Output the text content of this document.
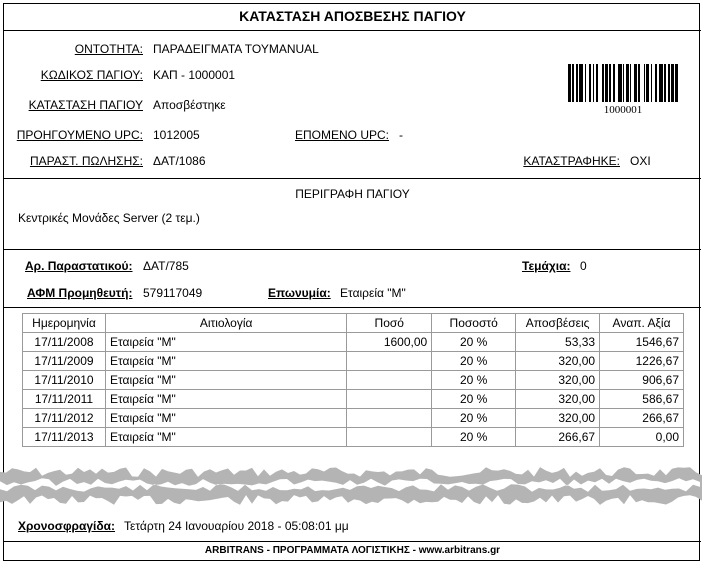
ΚΑΤΑΣΤΑΣΗ ΑΠΟΣΒΕΣΗΣ ΠΑΓΙΟΥ
ΟΝΤΟΤΗΤΑ: ΠΑΡΑΔΕΙΓΜΑΤΑ ΤΟΥMANUAL
ΚΩΔΙΚΟΣ ΠΑΓΙΟΥ: ΚΑΠ - 1000001
ΚΑΤΑΣΤΑΣΗ ΠΑΓΙΟΥ Αποσβέστηκε
ΠΡΟΗΓΟΥΜΕΝΟ UPC: 1012005	ΕΠΟΜΕΝΟ UPC: -
ΠΑΡΑΣΤ. ΠΩΛΗΣΗΣ: ΔΑΤ/1086	ΚΑΤΑΣΤΡΑΦΗΚΕ: ΟΧΙ
1000001
ΠΕΡΙΓΡΑΦΗ ΠΑΓΙΟΥ
Κεντρικές Μονάδες Server (2 τεμ.)
Αρ. Παραστατικού: ΔΑΤ/785	Τεμάχια: 0
ΑΦΜ Προμηθευτή: 579117049	Επωνυμία: Εταιρεία "Μ"
Ημερομηνία	Αιτιολογία	Ποσό	Ποσοστό	Αποσβέσεις	Αναπ. Αξία
17/11/2008	Εταιρεία "Μ"	1600,00	20 %	53,33	1546,67
17/11/2009	Εταιρεία "Μ"		20 %	320,00	1226,67
17/11/2010	Εταιρεία "Μ"		20 %	320,00	906,67
17/11/2011	Εταιρεία "Μ"		20 %	320,00	586,67
17/11/2012	Εταιρεία "Μ"		20 %	320,00	266,67
17/11/2013	Εταιρεία "Μ"		20 %	266,67	0,00
Χρονοσφραγίδα: Τετάρτη 24 Ιανουαρίου 2018 - 05:08:01 μμ
ARBITRANS - ΠΡΟΓΡΑΜΜΑΤΑ ΛΟΓΙΣΤΙΚΗΣ - www.arbitrans.gr
